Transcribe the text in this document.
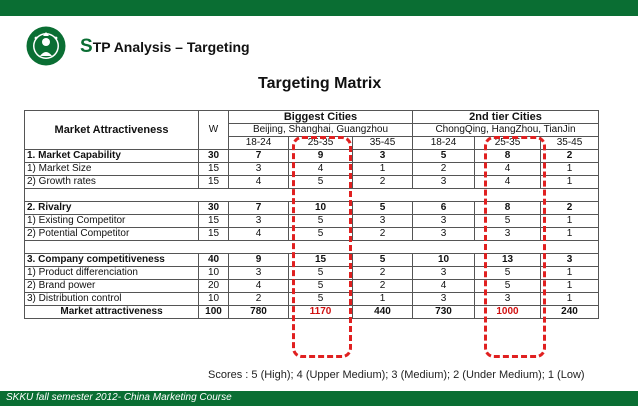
STP Analysis – Targeting
Targeting Matrix
Market Attractiveness	W	Biggest Cities			2nd tier Cities		
		Beijing, Shanghai, Guangzhou			ChongQing, HangZhou, TianJin		
		18-24	25-35	35-45	18-24	25-35	35-45
1. Market Capability	30	7	9	3	5	8	2
1) Market Size	15	3	4	1	2	4	1
2) Growth rates	15	4	5	2	3	4	1

2. Rivalry	30	7	10	5	6	8	2
1) Existing Competitor	15	3	5	3	3	5	1
2) Potential Competitor	15	4	5	2	3	3	1

3. Company competitiveness	40	9	15	5	10	13	3
1) Product differenciation	10	3	5	2	3	5	1
2) Brand power	20	4	5	2	4	5	1
3) Distribution control	10	2	5	1	3	3	1
Market attractiveness	100	780	1170	440	730	1000	240
Scores : 5 (High); 4 (Upper Medium); 3 (Medium); 2 (Under Medium); 1 (Low)
SKKU fall semester 2012- China Marketing Course
